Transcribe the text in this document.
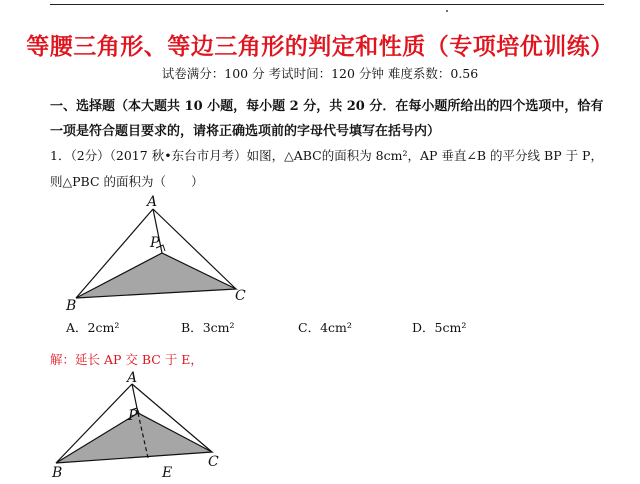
等腰三角形、等边三角形的判定和性质（专项培优训练）
试卷满分：100 分 考试时间：120 分钟 难度系数：0.56
一、选择题（本大题共 10 小题，每小题 2 分，共 20 分．在每小题所给出的四个选项中，恰有一项是符合题目要求的，请将正确选项前的字母代号填写在括号内）
1．（2分）（2017 秋•东台市月考）如图，△ABC的面积为 8cm²，AP 垂直∠B 的平分线 BP 于 P，则△PBC 的面积为（　　）
A
P
B
C
A．2cm²	B．3cm²	C．4cm²	D．5cm²
解：延长 AP 交 BC 于 E，
A
P
B
C
E
